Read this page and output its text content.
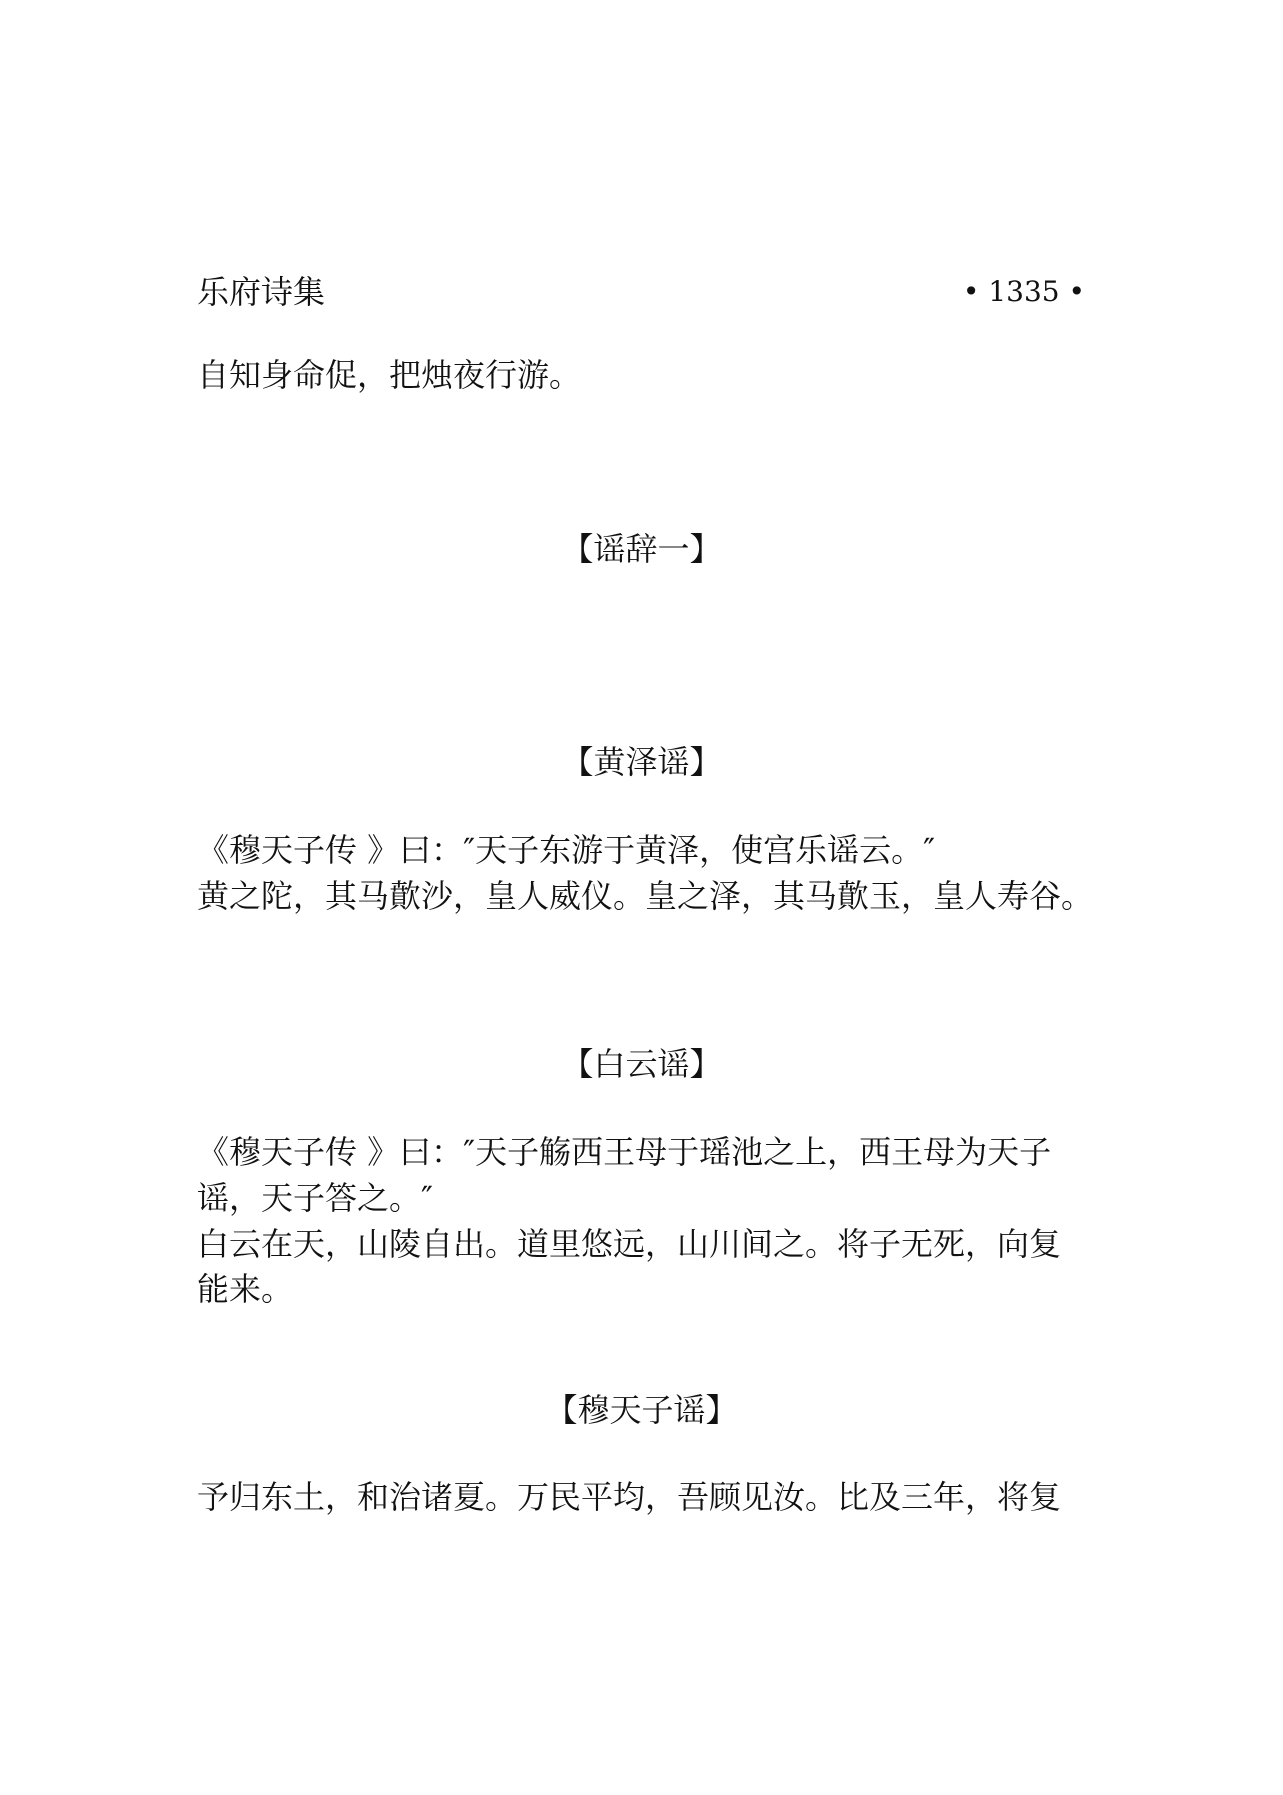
乐府诗集	• 1335 •
自知身命促，把烛夜行游。
【谣辞一】
【黄泽谣】
《穆天子传 》曰：″天子东游于黄泽，使宫乐谣云。″
黄之陀，其马歕沙，皇人威仪。皇之泽，其马歕玉，皇人寿谷。
【白云谣】
《穆天子传 》曰：″天子觞西王母于瑶池之上，西王母为天子
谣，天子答之。″
白云在天，山陵自出。道里悠远，山川间之。将子无死，向复
能来。
【穆天子谣】
予归东土，和治诸夏。万民平均，吾顾见汝。比及三年，将复
